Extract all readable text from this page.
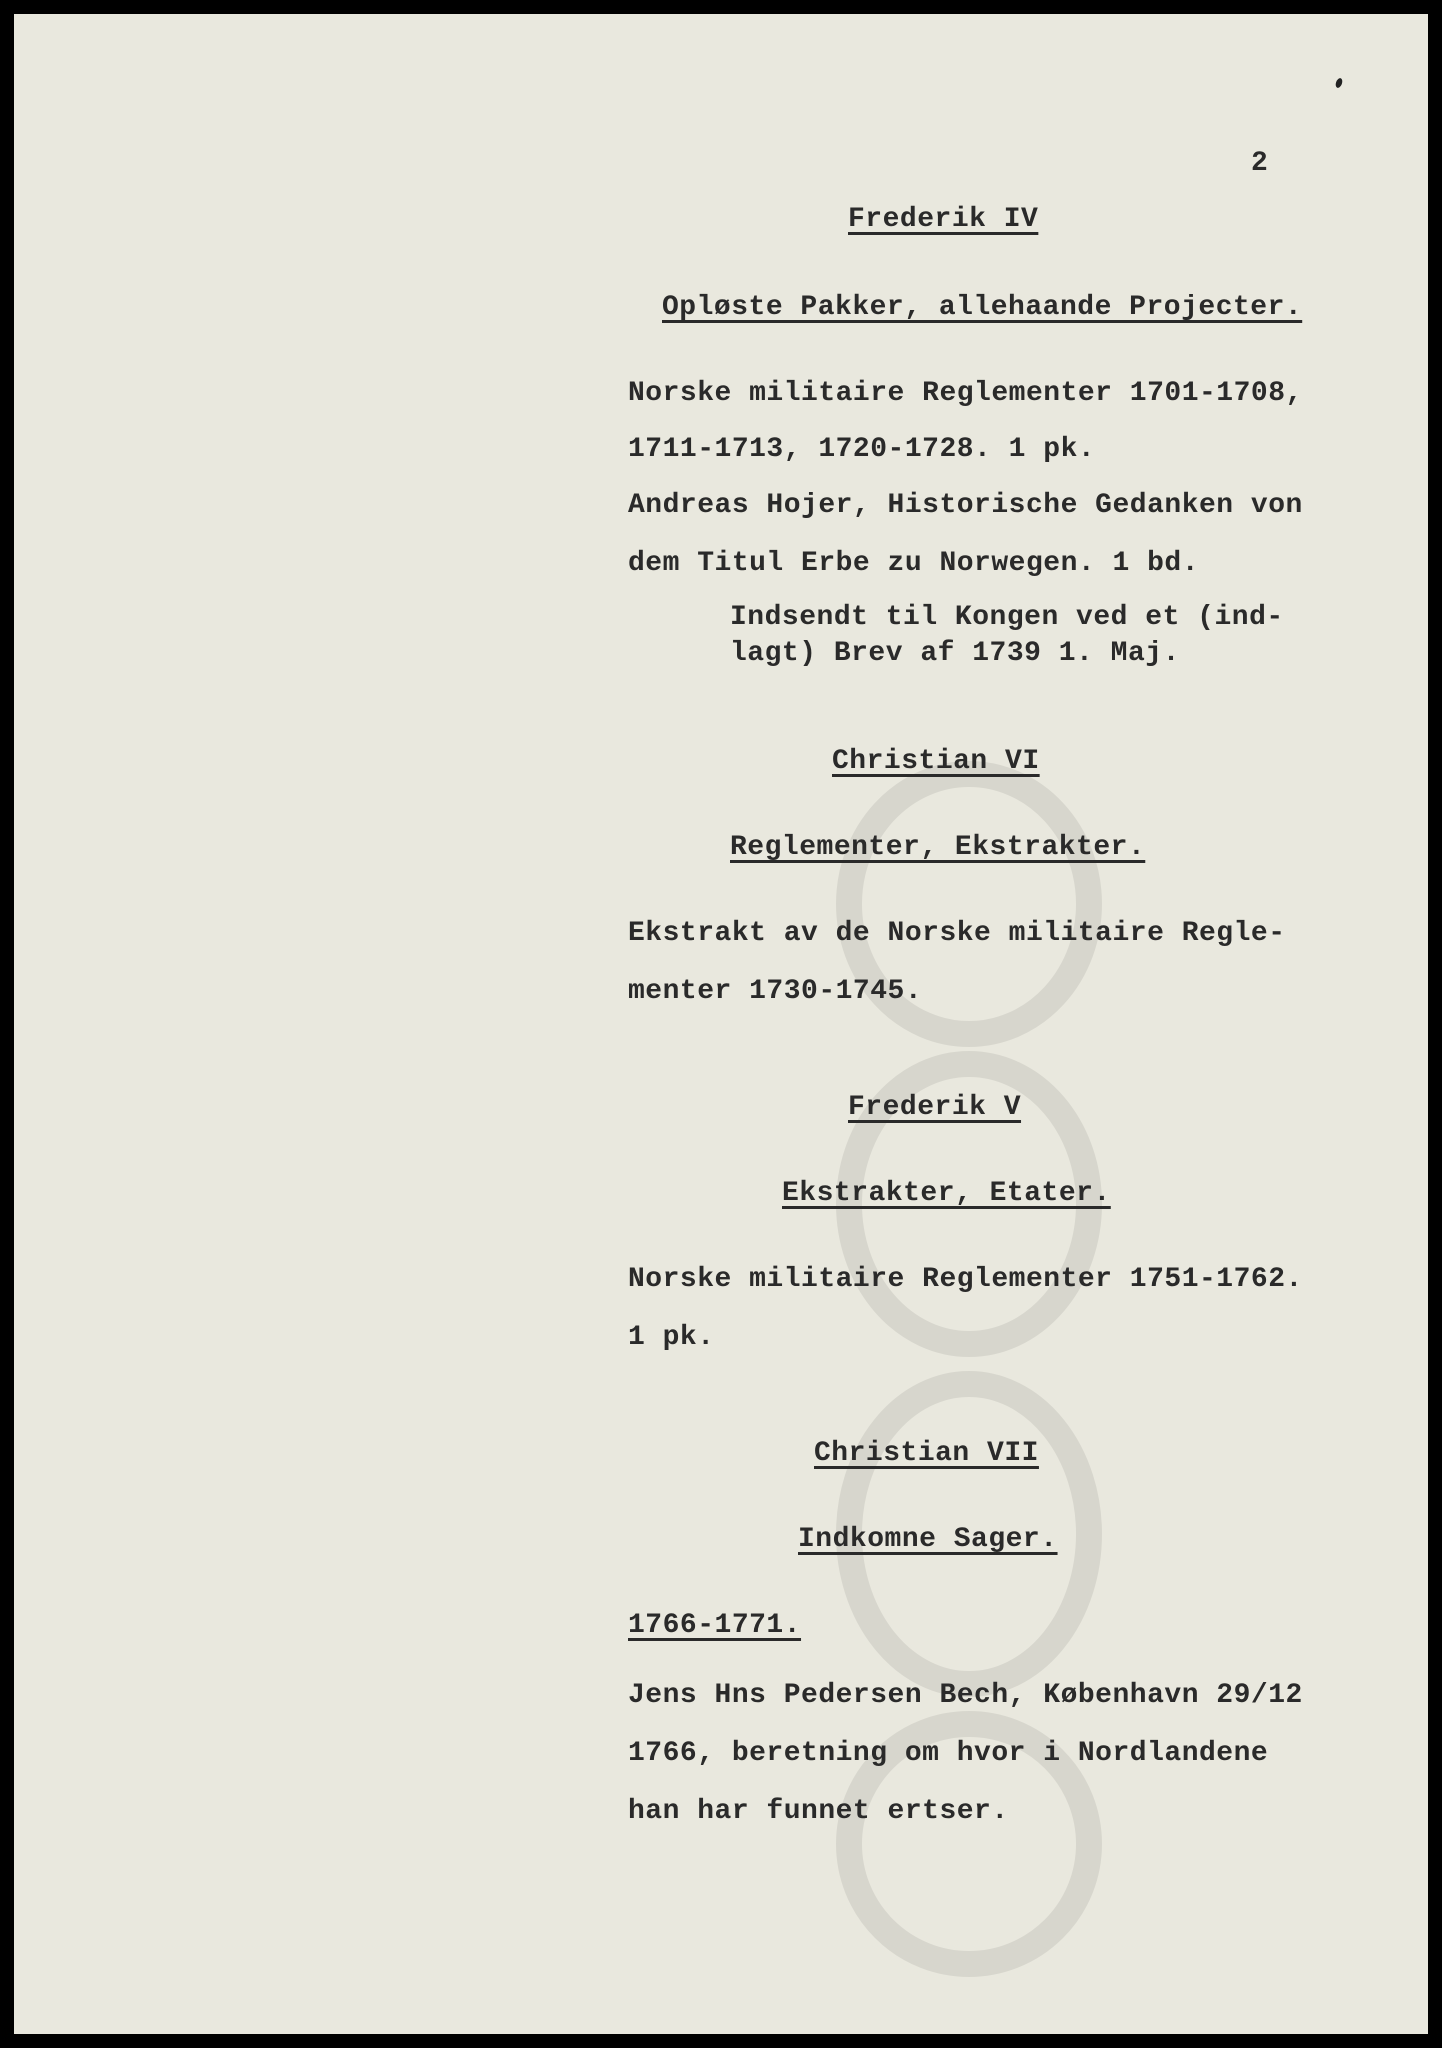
2
Frederik IV
Opløste Pakker, allehaande Projecter.
Norske militaire Reglementer 1701-1708,
1711-1713, 1720-1728. 1 pk.
Andreas Hojer, Historische Gedanken von
dem Titul Erbe zu Norwegen. 1 bd.
Indsendt til Kongen ved et (ind-
lagt) Brev af 1739 1. Maj.
Christian VI
Reglementer, Ekstrakter.
Ekstrakt av de Norske militaire Regle-
menter 1730-1745.
Frederik V
Ekstrakter, Etater.
Norske militaire Reglementer 1751-1762.
1 pk.
Christian VII
Indkomne Sager.
1766-1771.
Jens Hns Pedersen Bech, København 29/12
1766, beretning om hvor i Nordlandene
han har funnet ertser.
